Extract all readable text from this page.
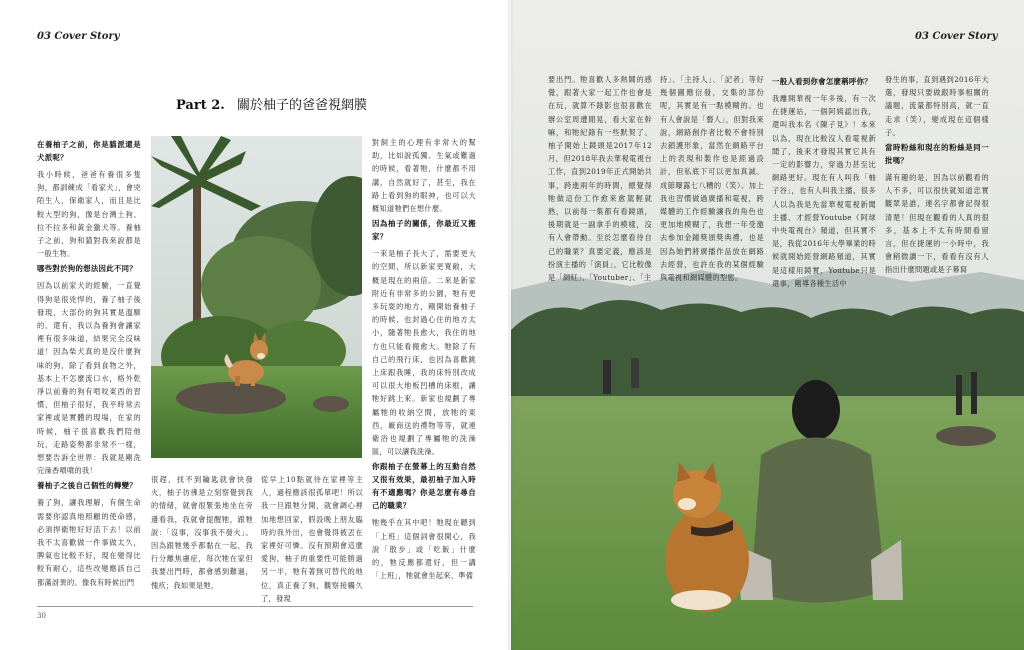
03 Cover Story
Part 2. 關於柚子的爸爸視網膜
在養柚子之前，你是貓派還是犬派呢？

我小時候，爸爸有養很多隻狗，都訓練成「看家犬」，會兇陌生人，保衛家人，而且是比較大型的狗，像是台灣土狗、拉不拉多和黃金獵犬等。養柚子之前，狗和貓對我來說都是一般生物。

哪些對於狗的想法因此不同？

因為以前家犬的經驗，一直覺得狗是很兇悍的，養了柚子後發現，大部份的狗其實是溫馴的。還有，我以為養狗會讓家裡有很多味道，結果完全沒味道！因為柴犬真的是沒什麼狗味的狗，除了看到食物之外，基本上不怎麼流口水，格外乾淨以前養的狗有啃咬東西的習慣，但柚子很好，我平時常去家裡或是實體的現場，在家的時候，柚子很喜歡我們陪他玩，走路姿勢都非常不一樣，想要告訴全世界：我就是剛洗完澡香噴噴的我！

養柚子之後自己個性的轉變？

養了狗，讓我理解，有個生命需要你認真地照顧的使命感，必須捍衛牠好好活下去！以前我不太喜歡做一件事做太久，脾氣也比較不好，現在變得比較有耐心，這些改變應該自己都滿訝異的。像我有時候出門

很趕，找不到鑰匙就會快發火，柚子彷彿是立刻察覺到我的情緒，就會很緊張地坐在旁邊看我，我就會提醒牠，跟牠說：「沒事，沒事我不發火」。因為跟牠幾乎都黏在一起，我行分離焦慮症，每次牠在家但我要出門時，都會感到難過，愧疚；我如果是牠，
從早上10點就待在家裡等主人，過程應該很孤單吧！所以我一旦跟牠分開，就會調心裡加地想回家，假設晚上朋友臨時約我外出，也會覺得被丟在家裡好可憐。沒有預期會這麼愛狗，柚子的重要性可能勝過另一半，牠有著無可替代的地位，真正養了狗，觀察接觸久了，發現

對飼主的心理有非常大的幫助，比如說孤獨、生氣或難過的時候，看著牠，什麼都不用講，自然就好了，甚至，我在路上看到狗的眼神，也可以大概知道牠們在想什麼。

因為柚子的關係，你最近又搬家？

一來是柚子長大了，需要更大的空間，所以新家更寬敞，大概是現在的兩倍。二來是新家附近有非常多的公園，牠有更多玩耍的地方，剛開始養柚子的時候，也封過心住的地方太小，隨著牠長愈大，我住的地方也只能看搬愈大。牠除了有自己的飛行床，也因為喜歡跳上床跟我睡，我的床特別改成可以很大地板凹槽的床框，讓牠好跳上來。新家也規劃了專屬牠的收納空間，放牠的東西，廠商送的禮物等等，就連衛浴也規劃了專屬牠的洗澡區，可以讓我洗澡。

你跟柚子在螢幕上的互動自然又很有效果，最初柚子加入時有不適應嗎？你是怎麼有尋自己的職業？

牠幾乎在其中吧！牠現在聽到「上班」這個詞會很開心，我說「散步」或「吃飯」什麼的，牠反應都還好，但一講「上班」，牠就會坐起來、準備

30
03 Cover Story
要出門。牠喜歡人多熱鬧的感覺，跟著大家一起工作也會是在玩，就算不錄影也很喜歡在辦公室周遭閒晃，看大家在幹嘛，和牠紀錄有一些默契了。柚子開始上鏡頭是2017年12月，但2018年我去華視電視台工作，直到2019年正式開始共事，跨進兩年的時間，總覺得牠做這份工作愈來愈駕輕就熟，以前每一集都有看鏡頭，後期就是一副拿手的模樣，沒有人會帶動。至於怎麼看待自己的職業？真要定義，應該是扮演主播的「演員」，它比較像是「網紅」、「Youtuber」、「主
持」、「主持人」、「記者」等好幾個圖應衍發，交集的部份呢，其實是有一點模糊的。也有人會說是「藝人」，但對我來說，網路創作者比較不會特別去鎖護形象，當然在網路平台上的表現和製作也是經過設計，但私底下可以更加真誠、成節曝露七八糟的（笑）。加上我也習慣做過廣播和電視，跨媒體的工作經驗讓我的角色也更加地模糊了，我想一年受邀去參加金鐘獎頒獎典禮，也是因為她們將廣播作品放在網路去經營，也許在我的某個經驗與電視和網媒體的型態。
一般人看到你會怎麼稱呼你？

我離開華視一年多後，有一次在捷運站，一個阿姨認出我，還叫我本名《陳子見》！本來以為，現在比較沒人看電視新聞了，後來才發現其實它具有一定的影響力，穿過力甚至比網路更好。現在有人叫我「柚子谷」，也有人叫我主播，很多人以為我是先當華視電視新聞主播、才經營Youtube《阿球中央電視台》頻道，但其實不是，我從2016年大學畢業的時候就開始經營網路頻道，其實是這樣用鏡實，Youtube只是還事，剛導各種生活中

發生的事，直到遇到2016年大選，發現只要做跟時事相關的議題，流量都特別高，就一直走求（笑），變成現在這個樣子。

當時粉絲和現在的粉絲是同一批嗎？

滿有趣的是，因為以前觀看的人不多，可以很快就知道忠實觀眾是誰，連名字都會記得很清楚！但現在觀看的人真的很多，基本上不太有時間看留言，但在捷運的一小時中，我會稍微讀一下，看看有沒有人指出什麼問題或是子幕寫
